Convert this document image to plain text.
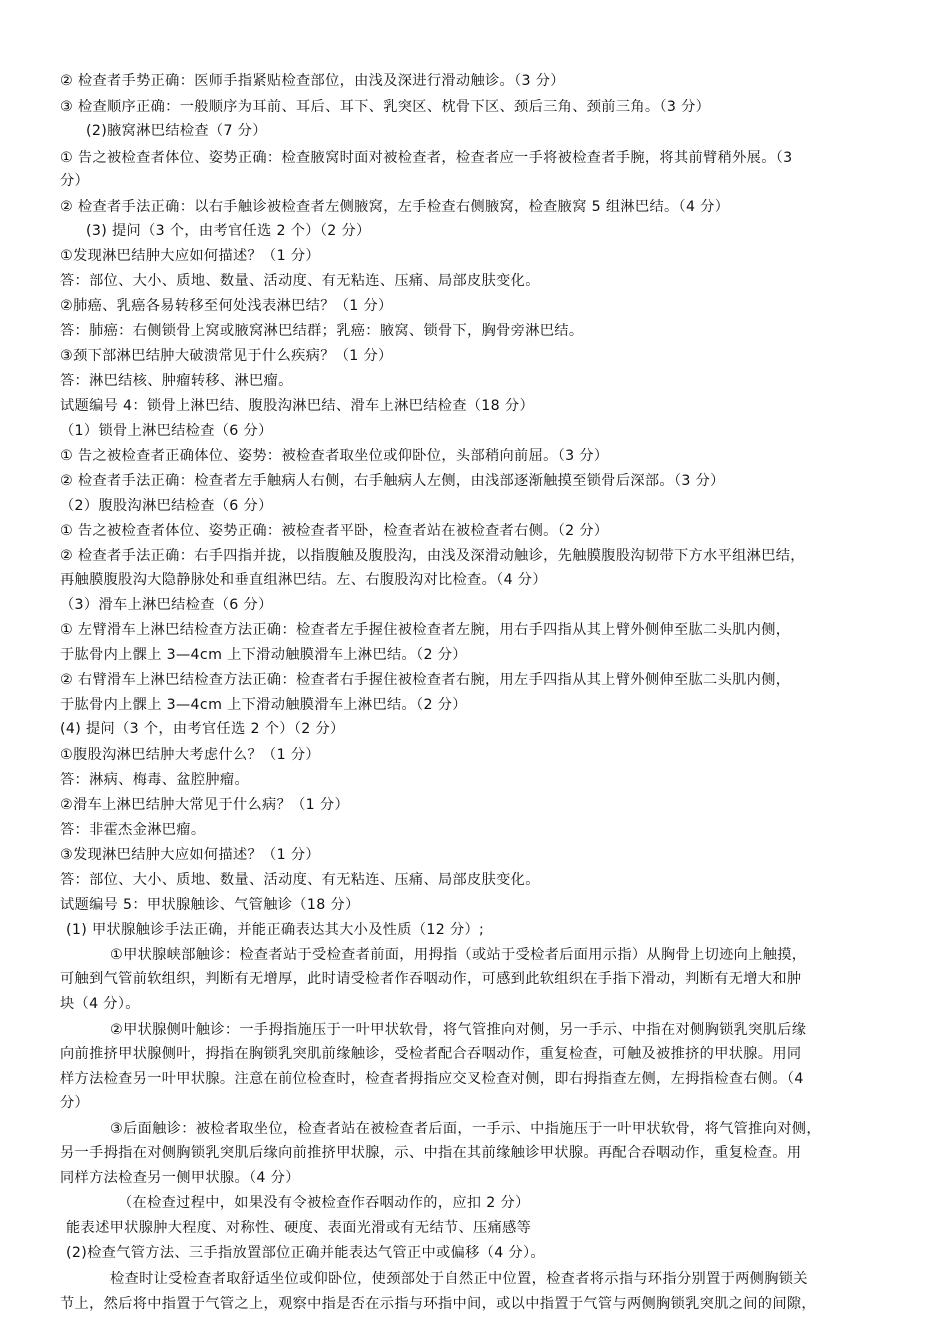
② 检查者手势正确：医师手指紧贴检查部位，由浅及深进行滑动触诊。（3 分）
③ 检查顺序正确：一般顺序为耳前、耳后、耳下、乳突区、枕骨下区、颈后三角、颈前三角。（3 分）
(2)腋窝淋巴结检查（7 分）
① 告之被检查者体位、姿势正确：检查腋窝时面对被检查者，检查者应一手将被检查者手腕，将其前臂稍外展。（3
分）
② 检查者手法正确：以右手触诊被检查者左侧腋窝，左手检查右侧腋窝，检查腋窝 5 组淋巴结。（4 分）
(3) 提问（3 个，由考官任选 2 个）（2 分）
①发现淋巴结肿大应如何描述？（1 分）
答：部位、大小、质地、数量、活动度、有无粘连、压痛、局部皮肤变化。
②肺癌、乳癌各易转移至何处浅表淋巴结？（1 分）
答：肺癌：右侧锁骨上窝或腋窝淋巴结群；乳癌：腋窝、锁骨下，胸骨旁淋巴结。
③颈下部淋巴结肿大破溃常见于什么疾病？（1 分）
答：淋巴结核、肿瘤转移、淋巴瘤。
试题编号 4：锁骨上淋巴结、腹股沟淋巴结、滑车上淋巴结检查（18 分）
（1）锁骨上淋巴结检查（6 分）
① 告之被检查者正确体位、姿势：被检查者取坐位或仰卧位，头部稍向前屈。（3 分）
② 检查者手法正确：检查者左手触病人右侧，右手触病人左侧，由浅部逐渐触摸至锁骨后深部。（3 分）
（2）腹股沟淋巴结检查（6 分）
① 告之被检查者体位、姿势正确：被检查者平卧，检查者站在被检查者右侧。（2 分）
② 检查者手法正确：右手四指并拢，以指腹触及腹股沟，由浅及深滑动触诊，先触膜腹股沟韧带下方水平组淋巴结，
再触膜腹股沟大隐静脉处和垂直组淋巴结。左、右腹股沟对比检查。（4 分）
（3）滑车上淋巴结检查（6 分）
① 左臂滑车上淋巴结检查方法正确：检查者左手握住被检查者左腕，用右手四指从其上臂外侧伸至肱二头肌内侧，
于肱骨内上髁上 3—4cm 上下滑动触膜滑车上淋巴结。（2 分）
② 右臂滑车上淋巴结检查方法正确：检查者右手握住被检查者右腕，用左手四指从其上臂外侧伸至肱二头肌内侧，
于肱骨内上髁上 3—4cm 上下滑动触膜滑车上淋巴结。（2 分）
(4) 提问（3 个，由考官任选 2 个）（2 分）
①腹股沟淋巴结肿大考虑什么？（1 分）
答：淋病、梅毒、盆腔肿瘤。
②滑车上淋巴结肿大常见于什么病？（1 分）
答：非霍杰金淋巴瘤。
③发现淋巴结肿大应如何描述？（1 分）
答：部位、大小、质地、数量、活动度、有无粘连、压痛、局部皮肤变化。
试题编号 5：甲状腺触诊、气管触诊（18 分）
(1) 甲状腺触诊手法正确，并能正确表达其大小及性质（12 分）;
①甲状腺峡部触诊：检查者站于受检查者前面，用拇指（或站于受检者后面用示指）从胸骨上切迹向上触摸，
可触到气管前软组织，判断有无增厚，此时请受检者作吞咽动作，可感到此软组织在手指下滑动，判断有无增大和肿
块（4 分）。
②甲状腺侧叶触诊：一手拇指施压于一叶甲状软骨，将气管推向对侧，另一手示、中指在对侧胸锁乳突肌后缘
向前推挤甲状腺侧叶，拇指在胸锁乳突肌前缘触诊，受检者配合吞咽动作，重复检查，可触及被推挤的甲状腺。用同
样方法检查另一叶甲状腺。注意在前位检查时，检查者拇指应交叉检查对侧，即右拇指查左侧，左拇指检查右侧。（4
分）
③后面触诊：被检者取坐位，检查者站在被检查者后面，一手示、中指施压于一叶甲状软骨，将气管推向对侧，
另一手拇指在对侧胸锁乳突肌后缘向前推挤甲状腺，示、中指在其前缘触诊甲状腺。再配合吞咽动作，重复检查。用
同样方法检查另一侧甲状腺。（4 分）
（在检查过程中，如果没有令被检查作吞咽动作的，应扣 2 分）
能表述甲状腺肿大程度、对称性、硬度、表面光滑或有无结节、压痛感等
(2)检查气管方法、三手指放置部位正确并能表达气管正中或偏移（4 分）。
检查时让受检查者取舒适坐位或仰卧位，使颈部处于自然正中位置，检查者将示指与环指分别置于两侧胸锁关
节上，然后将中指置于气管之上，观察中指是否在示指与环指中间，或以中指置于气管与两侧胸锁乳突肌之间的间隙，
